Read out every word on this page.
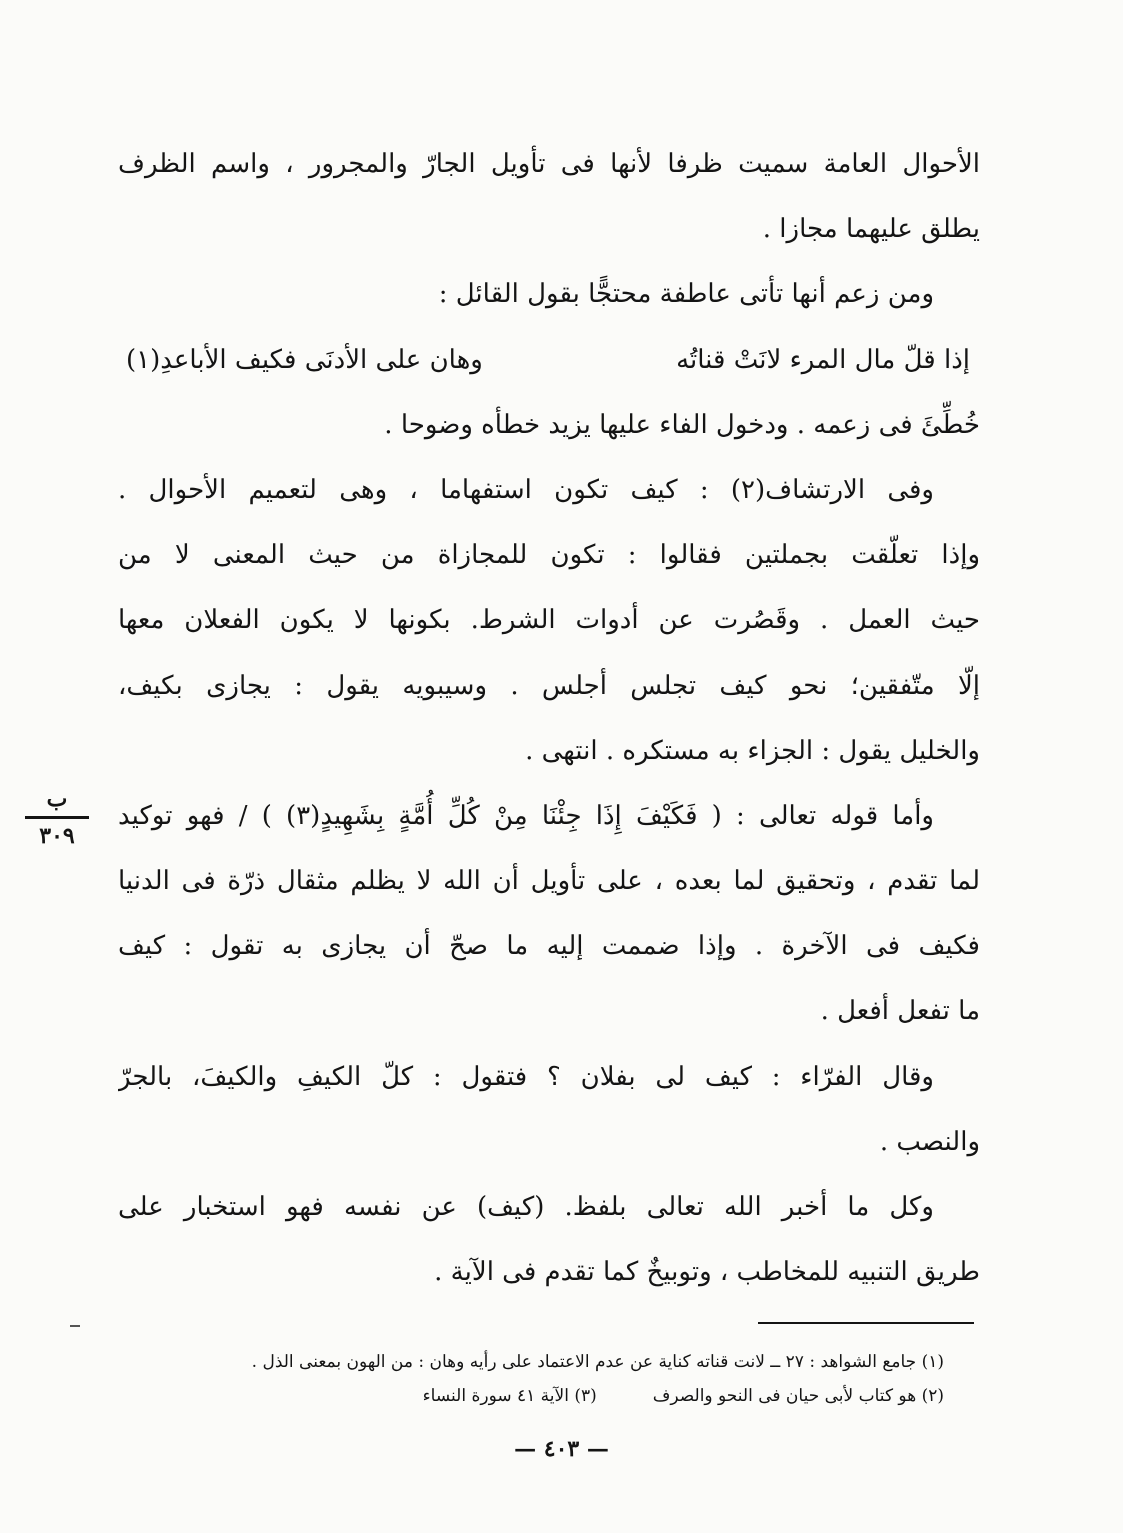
الأحوال العامة سميت ظرفا لأنها فى تأويل الجارّ والمجرور ، واسم الظرف
يطلق عليهما مجازا .
ومن زعم أنها تأتى عاطفة محتجًّا بقول القائل :
إذا قلّ مال المرء لانَتْ قناتُه
وهان على الأدنَى فكيف الأباعدِ(١)
خُطِّئَ فى زعمه . ودخول الفاء عليها يزيد خطأه وضوحا .
وفى الارتشاف(٢) : كيف تكون استفهاما ، وهى لتعميم الأحوال .
وإذا تعلّقت بجملتين فقالوا : تكون للمجازاة من حيث المعنى لا من
حيث العمل . وقَصُرت عن أدوات الشرط. بكونها لا يكون الفعلان معها
إلّا متّفقين؛ نحو كيف تجلس أجلس . وسيبويه يقول : يجازى بكيف،
والخليل يقول : الجزاء به مستكره . انتهى .
وأما قوله تعالى : ( فَكَيْفَ إِذَا جِئْنَا مِنْ كُلِّ أُمَّةٍ بِشَهِيدٍ(٣) ) / فهو توكيد
لما تقدم ، وتحقيق لما بعده ، على تأويل أن الله لا يظلم مثقال ذرّة فى الدنيا
فكيف فى الآخرة . وإذا ضممت إليه ما صحّ أن يجازى به تقول : كيف
ما تفعل أفعل .
وقال الفرّاء : كيف لى بفلان ؟ فتقول : كلّ الكيفِ والكيفَ، بالجرّ
والنصب .
وكل ما أخبر الله تعالى بلفظ. (كيف) عن نفسه فهو استخبار على
طريق التنبيه للمخاطب ، وتوبيخٌ كما تقدم فى الآية .
ب
٣٠٩
(١) جامع الشواهد : ٢٧ ــ لانت قناته كناية عن عدم الاعتماد على رأيه وهان : من الهون بمعنى الذل .
(٢) هو كتاب لأبى حيان فى النحو والصرف(٣) الآية ٤١ سورة النساء
— ٤٠٣ —
